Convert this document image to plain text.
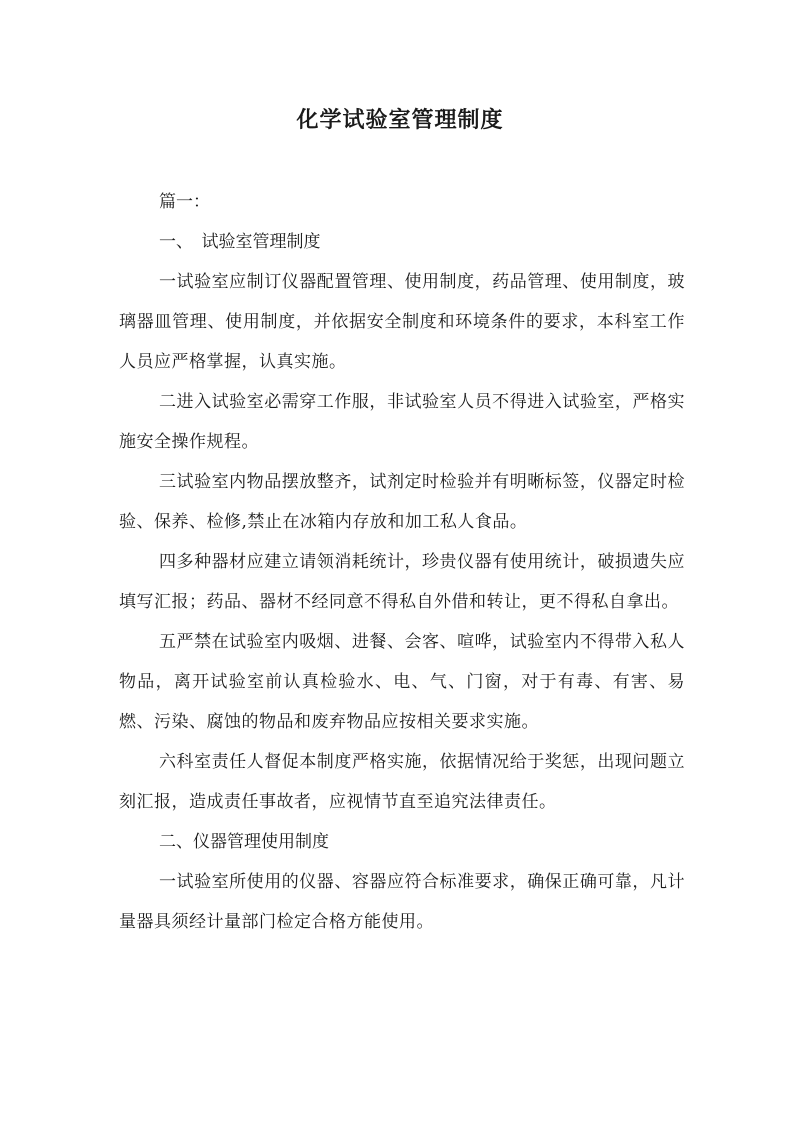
化学试验室管理制度

篇一：

一、　试验室管理制度

一试验室应制订仪器配置管理、使用制度，药品管理、使用制度，玻璃器皿管理、使用制度，并依据安全制度和环境条件的要求，本科室工作人员应严格掌握，认真实施。

二进入试验室必需穿工作服，非试验室人员不得进入试验室，严格实施安全操作规程。

三试验室内物品摆放整齐，试剂定时检验并有明晰标签，仪器定时检验、保养、检修,禁止在冰箱内存放和加工私人食品。

四多种器材应建立请领消耗统计，珍贵仪器有使用统计，破损遗失应填写汇报；药品、器材不经同意不得私自外借和转让，更不得私自拿出。

五严禁在试验室内吸烟、进餐、会客、喧哗，试验室内不得带入私人物品，离开试验室前认真检验水、电、气、门窗，对于有毒、有害、易燃、污染、腐蚀的物品和废弃物品应按相关要求实施。

六科室责任人督促本制度严格实施，依据情况给于奖惩，出现问题立刻汇报，造成责任事故者，应视情节直至追究法律责任。

二、仪器管理使用制度

一试验室所使用的仪器、容器应符合标准要求，确保正确可靠，凡计量器具须经计量部门检定合格方能使用。
